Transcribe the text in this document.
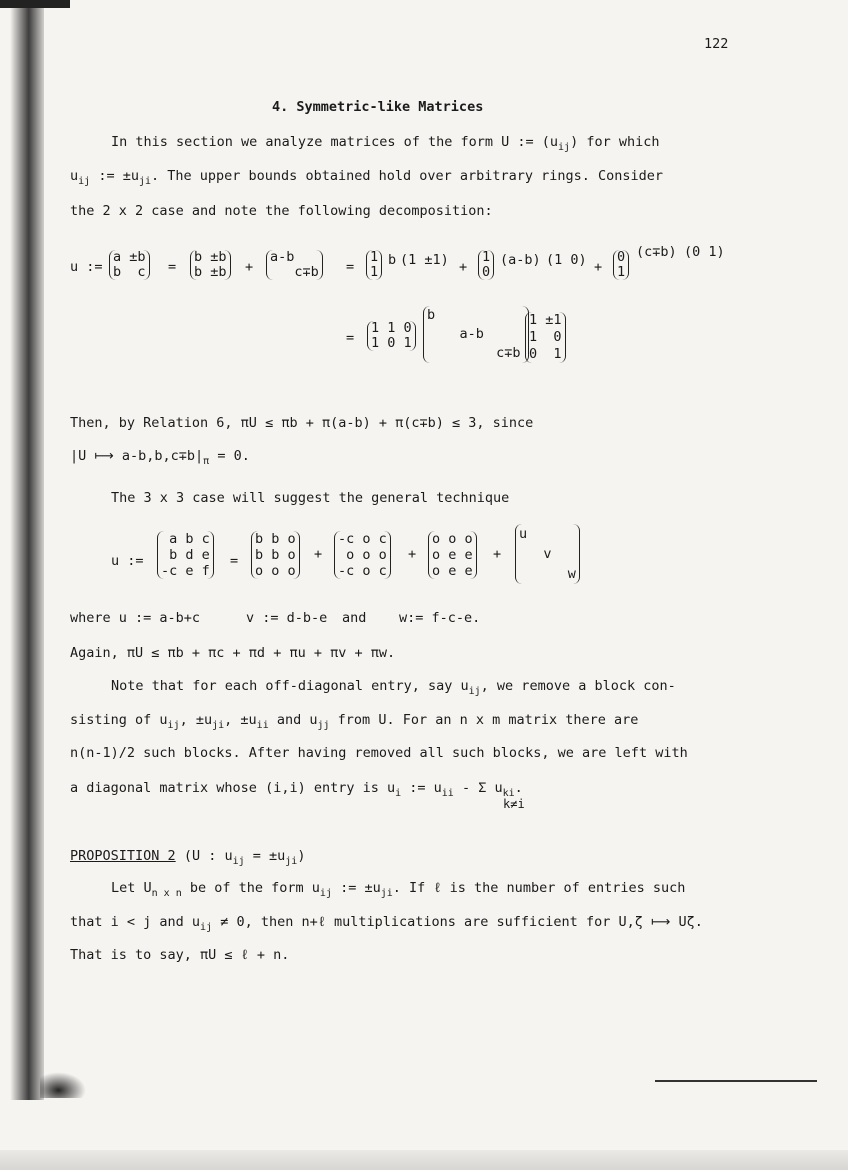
122
4. Symmetric-like Matrices
In this section we analyze matrices of the form U := $(u_{ij})$ for which
$u_{ij}$ := $\pm u_{ji}$. The upper bounds obtained hold over arbitrary rings. Consider
the 2 x 2 case and note the following decomposition:
u :=
a ±b
b  c =
b ±b
b ±b +
a-b
c∓b =
1
1
b (1 ±1) +
1
0
(a-b) (1 0) +
0
1
(c∓b) (0 1)
=
1 1 0
1 0 1
b
a-b
c∓b
1 ±1
1  0
0  1
Then, by Relation 6, πU ≤ πb + π(a-b) + π(c∓b) ≤ 3, since
|U ⟼ $a-b,b,c\mp b|_\pi = 0$.
The 3 x 3 case will suggest the general technique
u :=
a b c
b d e
-c e f
=
b b o
b b o
o o o
+
-c o c
o o o
-c o c
+
o o o
o e e
o e e
+
u
v
w
where u := a-b+c	v := d-b-e and w:= f-c-e.
Again, πU ≤ πb + πc + πd + πu + πv + πw.
Note that for each off-diagonal entry, say $u_{ij}$, we remove a block con-
sisting of $u_{ij}$, $\pm u_{ji}$, $\pm u_{ii}$ and $u_{jj}$ from U. For an n x m matrix there are
n(n-1)/2 such blocks. After having removed all such blocks, we are left with
a diagonal matrix whose (i,i) entry is $u_i$ := $u_{ii}$ - Σ $u_{ki}$.
k≠i
PROPOSITION 2 (U : $u_{ij} = \pm u_{ji}$)
Let $U_{n x n}$ be of the form $u_{ij}$ := $\pm u_{ji}$. If ℓ is the number of entries such
that i < j and $u_{ij} \ne 0$, then n+ℓ multiplications are sufficient for U,ζ ⟼ Uζ.
That is to say, πU ≤ ℓ + n.
